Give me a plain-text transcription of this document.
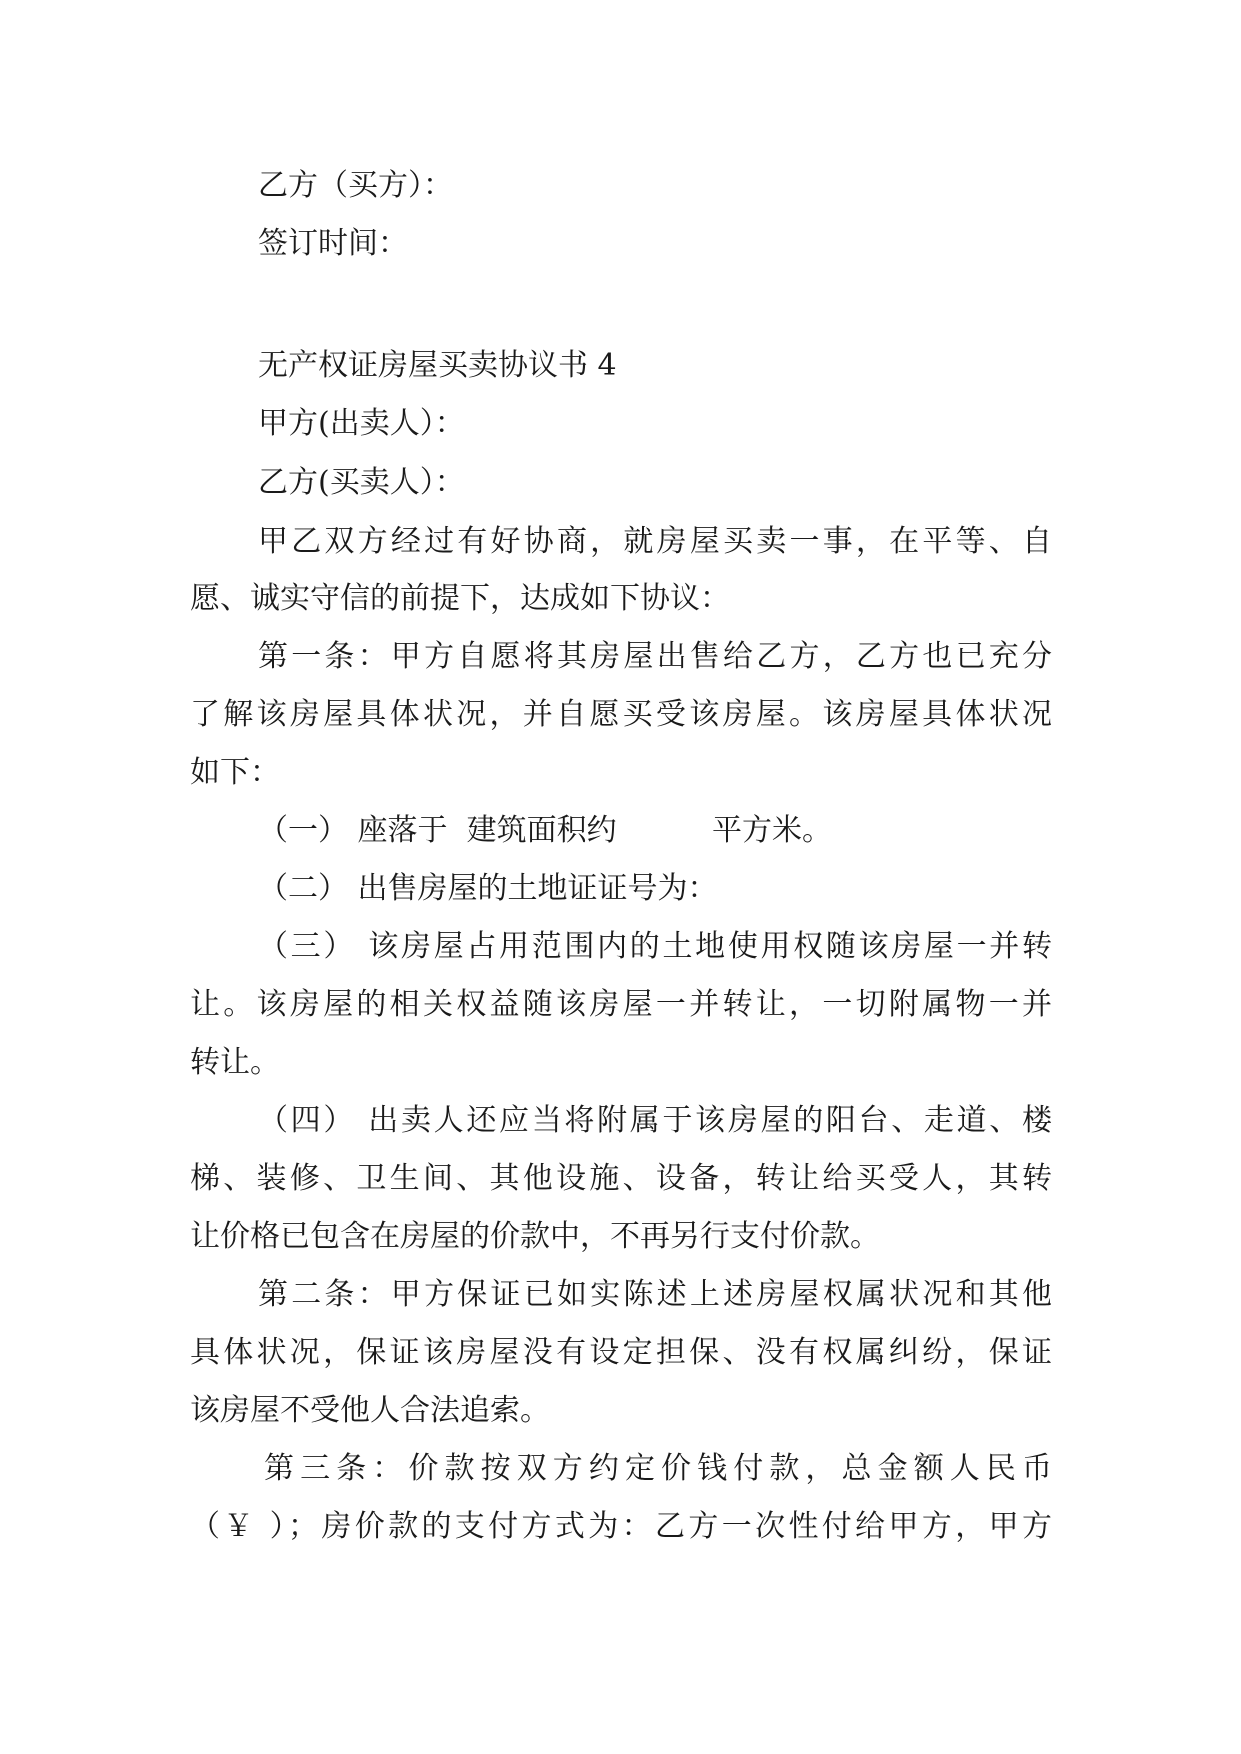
乙方（买方）：
签订时间：
无产权证房屋买卖协议书 4
甲方(出卖人）：
乙方(买卖人）：
甲乙双方经过有好协商，就房屋买卖一事，在平等、自
愿、诚实守信的前提下，达成如下协议：
第一条：甲方自愿将其房屋出售给乙方，乙方也已充分
了解该房屋具体状况，并自愿买受该房屋。该房屋具体状况
如下：
（一） 座落于  建筑面积约          平方米。
（二） 出售房屋的土地证证号为：
（三） 该房屋占用范围内的土地使用权随该房屋一并转
让。该房屋的相关权益随该房屋一并转让，一切附属物一并
转让。
（四） 出卖人还应当将附属于该房屋的阳台、走道、楼
梯、装修、卫生间、其他设施、设备，转让给买受人，其转
让价格已包含在房屋的价款中，不再另行支付价款。
第二条：甲方保证已如实陈述上述房屋权属状况和其他
具体状况，保证该房屋没有设定担保、没有权属纠纷，保证
该房屋不受他人合法追索。
第三条：价款按双方约定价钱付款，总金额人民币
（￥ ）；房价款的支付方式为：乙方一次性付给甲方，甲方
